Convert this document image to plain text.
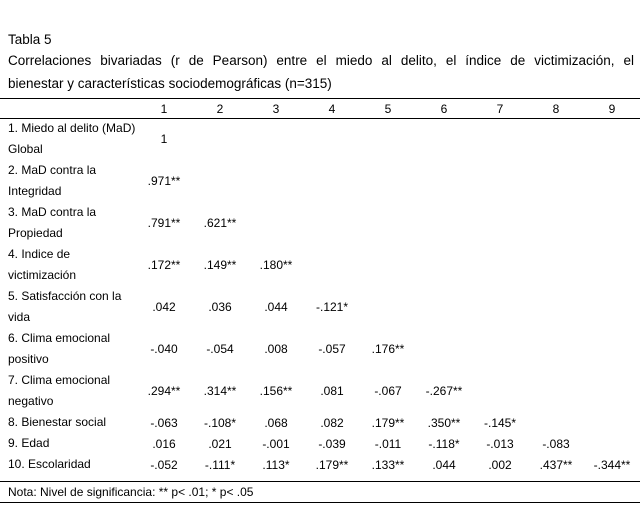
Tabla 5
Correlaciones bivariadas (r de Pearson) entre el miedo al delito, el índice de victimización, el
bienestar y características sociodemográficas (n=315)
	1	2	3	4	5	6	7	8	9
1. Miedo al delito (MaD) Global	1								
2. MaD contra la Integridad	.971**								
3. MaD contra la Propiedad	.791**	.621**							
4. Indice de victimización	.172**	.149**	.180**						
5. Satisfacción con la vida	.042	.036	.044	-.121*					
6. Clima emocional positivo	-.040	-.054	.008	-.057	.176**				
7. Clima emocional negativo	.294**	.314**	.156**	.081	-.067	-.267**			
8. Bienestar social	-.063	-.108*	.068	.082	.179**	.350**	-.145*		
9. Edad	.016	.021	-.001	-.039	-.011	-.118*	-.013	-.083	
10. Escolaridad	-.052	-.111*	.113*	.179**	.133**	.044	.002	.437**	-.344**
Nota: Nivel de significancia: ** p< .01; * p< .05
